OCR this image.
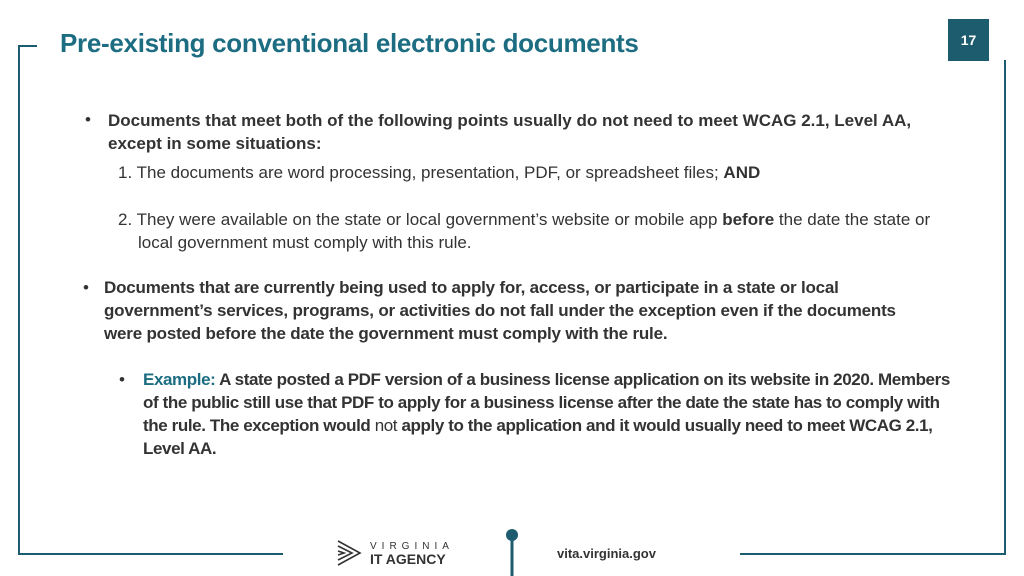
Pre-existing conventional electronic documents	17
• Documents that meet both of the following points usually do not need to meet WCAG 2.1, Level AA, except in some situations:
1. The documents are word processing, presentation, PDF, or spreadsheet files; AND
2. They were available on the state or local government’s website or mobile app before the date the state or local government must comply with this rule.
• Documents that are currently being used to apply for, access, or participate in a state or local government’s services, programs, or activities do not fall under the exception even if the documents were posted before the date the government must comply with the rule.
• Example: A state posted a PDF version of a business license application on its website in 2020. Members of the public still use that PDF to apply for a business license after the date the state has to comply with the rule. The exception would not apply to the application and it would usually need to meet WCAG 2.1, Level AA.
VIRGINIA
IT AGENCY	vita.virginia.gov
